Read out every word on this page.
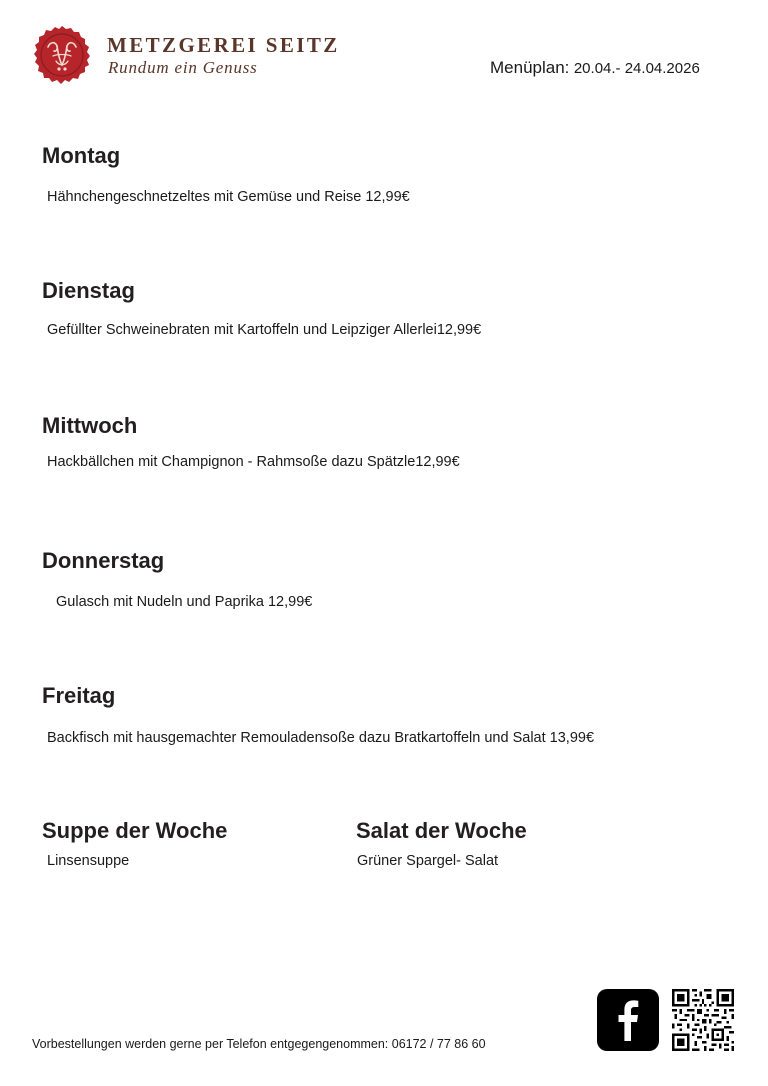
METZGEREI SEITZ
Rundum ein Genuss	Menüplan: 20.04.- 24.04.2026
Montag

Hähnchengeschnetzeltes mit Gemüse und Reise 12,99€

Dienstag

Gefüllter Schweinebraten mit Kartoffeln und Leipziger Allerlei12,99€

Mittwoch

Hackbällchen mit Champignon - Rahmsoße dazu Spätzle12,99€

Donnerstag

Gulasch mit Nudeln und Paprika 12,99€

Freitag

Backfisch mit hausgemachter Remouladensoße dazu Bratkartoffeln und Salat 13,99€

Suppe der Woche

Linsensuppe

Salat der Woche

Grüner Spargel- Salat

Vorbestellungen werden gerne per Telefon entgegengenommen: 06172 / 77 86 60
